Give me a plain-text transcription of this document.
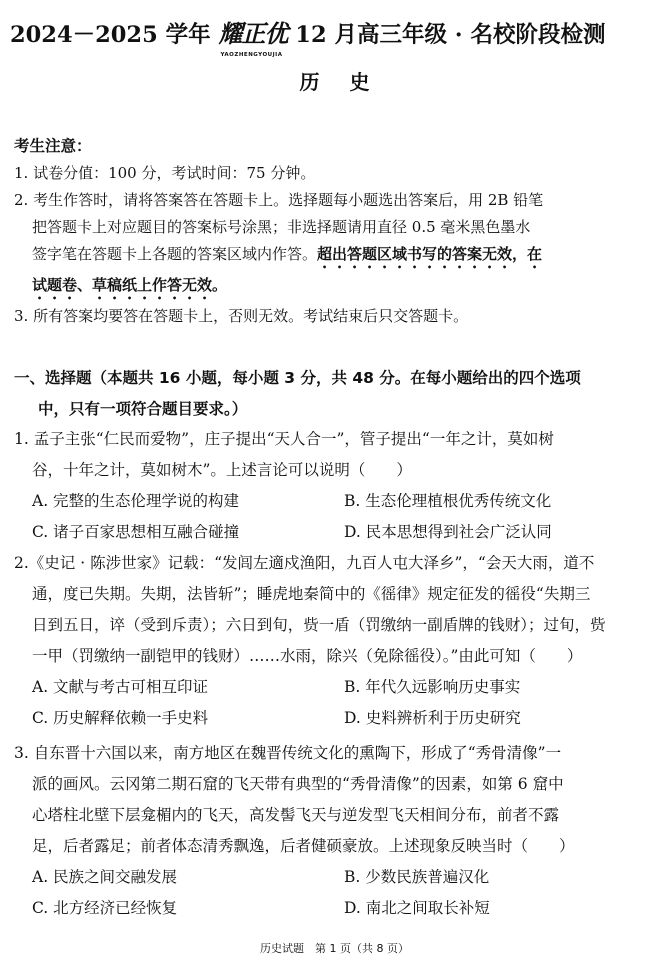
2024－2025 学年 耀正优
YAOZHENGYOUJIA
12 月高三年级 · 名校阶段检测
历史
考生注意：
1. 试卷分值：100 分，考试时间：75 分钟。
2. 考生作答时，请将答案答在答题卡上。选择题每小题选出答案后，用 2B 铅笔
把答题卡上对应题目的答案标号涂黑；非选择题请用直径 0.5 毫米黑色墨水
签字笔在答题卡上各题的答案区域内作答。超出答题区域书写的答案无效，在
试题卷、草稿纸上作答无效。
3. 所有答案均要答在答题卡上，否则无效。考试结束后只交答题卡。
一、选择题（本题共 16 小题，每小题 3 分，共 48 分。在每小题给出的四个选项
中，只有一项符合题目要求。）
1. 孟子主张“仁民而爱物”，庄子提出“天人合一”，管子提出“一年之计，莫如树
谷，十年之计，莫如树木”。上述言论可以说明（　　）
A. 完整的生态伦理学说的构建	B. 生态伦理植根优秀传统文化
C. 诸子百家思想相互融合碰撞	D. 民本思想得到社会广泛认同
2.《史记 · 陈涉世家》记载：“发闾左適戍渔阳，九百人屯大泽乡”，“会天大雨，道不
通，度已失期。失期，法皆斩”；睡虎地秦简中的《徭律》规定征发的徭役“失期三
日到五日，谇（受到斥责）；六日到旬，赀一盾（罚缴纳一副盾牌的钱财）；过旬，赀
一甲（罚缴纳一副铠甲的钱财）……水雨，除兴（免除徭役）。”由此可知（　　）
A. 文献与考古可相互印证	B. 年代久远影响历史事实
C. 历史解释依赖一手史料	D. 史料辨析利于历史研究
3. 自东晋十六国以来，南方地区在魏晋传统文化的熏陶下，形成了“秀骨清像”一
派的画风。云冈第二期石窟的飞天带有典型的“秀骨清像”的因素，如第 6 窟中
心塔柱北壁下层龛楣内的飞天，高发髻飞天与逆发型飞天相间分布，前者不露
足，后者露足；前者体态清秀飘逸，后者健硕豪放。上述现象反映当时（　　）
A. 民族之间交融发展	B. 少数民族普遍汉化
C. 北方经济已经恢复	D. 南北之间取长补短
历史试题　第 1 页（共 8 页）
